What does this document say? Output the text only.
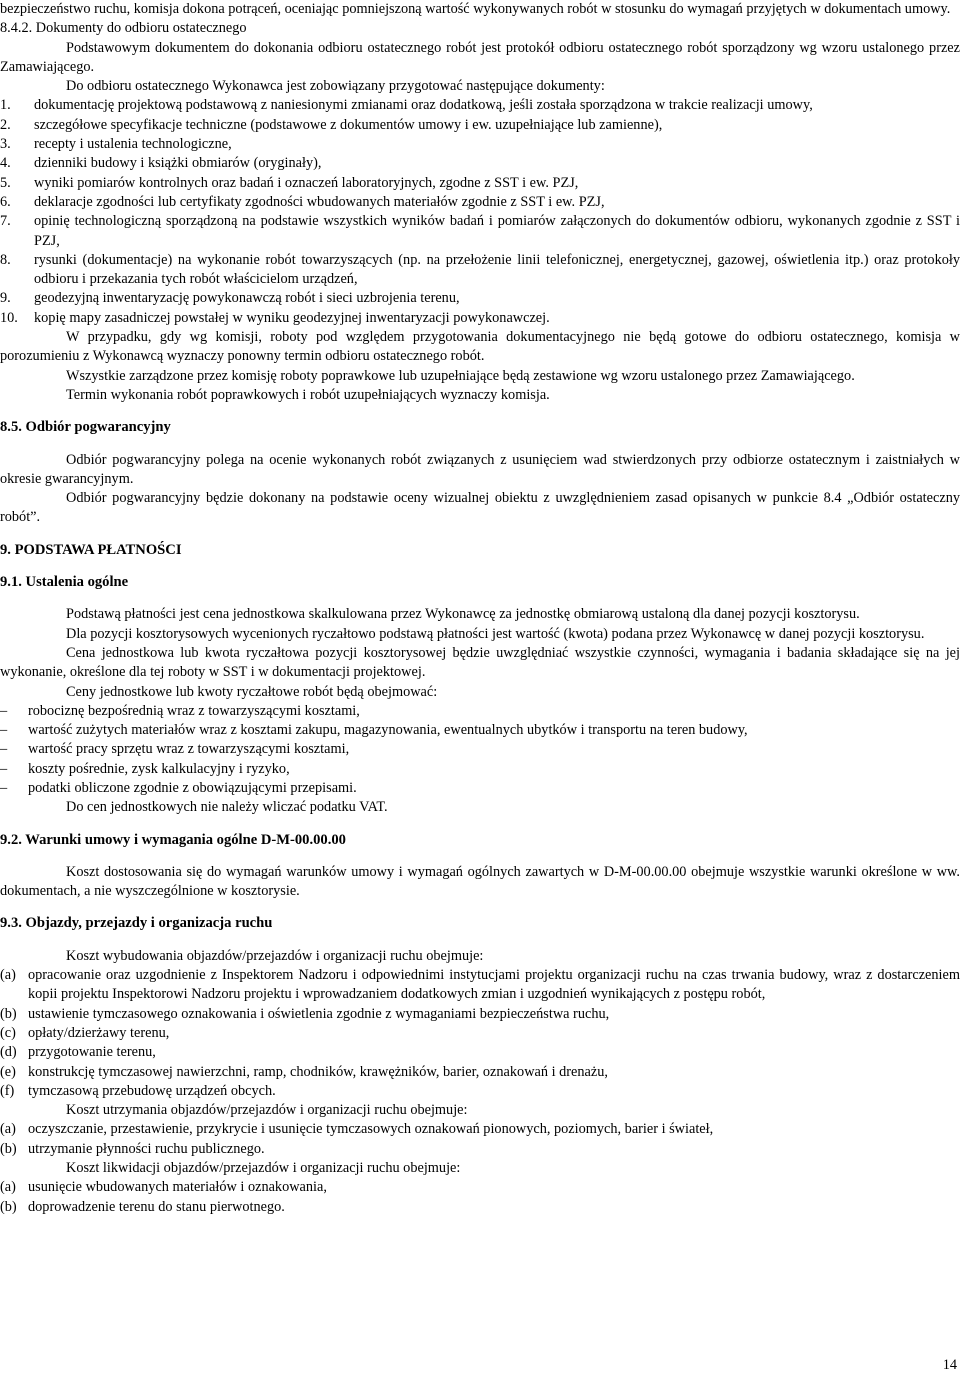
bezpieczeństwo ruchu, komisja dokona potrąceń, oceniając pomniejszoną wartość wykonywanych robót w stosunku do wymagań przyjętych w dokumentach umowy.

8.4.2. Dokumenty do odbioru ostatecznego

Podstawowym dokumentem do dokonania odbioru ostatecznego robót jest protokół odbioru ostatecznego robót sporządzony wg wzoru ustalonego przez Zamawiającego.

Do odbioru ostatecznego Wykonawca jest zobowiązany przygotować następujące dokumenty:

1.	dokumentację projektową podstawową z naniesionymi zmianami oraz dodatkową, jeśli została sporządzona w trakcie realizacji umowy,
2.	szczegółowe specyfikacje techniczne (podstawowe z dokumentów umowy i ew. uzupełniające lub zamienne),
3.	recepty i ustalenia technologiczne,
4.	dzienniki budowy i książki obmiarów (oryginały),
5.	wyniki pomiarów kontrolnych oraz badań i oznaczeń laboratoryjnych, zgodne z SST i ew. PZJ,
6.	deklaracje zgodności lub certyfikaty zgodności wbudowanych materiałów zgodnie z SST i ew. PZJ,
7.	opinię technologiczną sporządzoną na podstawie wszystkich wyników badań i pomiarów załączonych do dokumentów odbioru, wykonanych zgodnie z SST i PZJ,
8.	rysunki (dokumentacje) na wykonanie robót towarzyszących (np. na przełożenie linii telefonicznej, energetycznej, gazowej, oświetlenia itp.) oraz protokoły odbioru i przekazania tych robót właścicielom urządzeń,
9.	geodezyjną inwentaryzację powykonawczą robót i sieci uzbrojenia terenu,
10.	kopię mapy zasadniczej powstałej w wyniku geodezyjnej inwentaryzacji powykonawczej.

W przypadku, gdy wg komisji, roboty pod względem przygotowania dokumentacyjnego nie będą gotowe do odbioru ostatecznego, komisja w porozumieniu z Wykonawcą wyznaczy ponowny termin odbioru ostatecznego robót.

Wszystkie zarządzone przez komisję roboty poprawkowe lub uzupełniające będą zestawione wg wzoru ustalonego przez Zamawiającego.

Termin wykonania robót poprawkowych i robót uzupełniających wyznaczy komisja.

8.5. Odbiór pogwarancyjny

Odbiór pogwarancyjny polega na ocenie wykonanych robót związanych z usunięciem wad stwierdzonych przy odbiorze ostatecznym i zaistniałych w okresie gwarancyjnym.

Odbiór pogwarancyjny będzie dokonany na podstawie oceny wizualnej obiektu z uwzględnieniem zasad opisanych w punkcie 8.4 „Odbiór ostateczny robót”.

9. PODSTAWA PŁATNOŚCI

9.1. Ustalenia ogólne

Podstawą płatności jest cena jednostkowa skalkulowana przez Wykonawcę za jednostkę obmiarową ustaloną dla danej pozycji kosztorysu.

Dla pozycji kosztorysowych wycenionych ryczałtowo podstawą płatności jest wartość (kwota) podana przez Wykonawcę w danej pozycji kosztorysu.

Cena jednostkowa lub kwota ryczałtowa pozycji kosztorysowej będzie uwzględniać wszystkie czynności, wymagania i badania składające się na jej wykonanie, określone dla tej roboty w SST i w dokumentacji projektowej.

Ceny jednostkowe lub kwoty ryczałtowe robót będą obejmować:

–	robociznę bezpośrednią wraz z towarzyszącymi kosztami,
–	wartość zużytych materiałów wraz z kosztami zakupu, magazynowania, ewentualnych ubytków i transportu na teren budowy,
–	wartość pracy sprzętu wraz z towarzyszącymi kosztami,
–	koszty pośrednie, zysk kalkulacyjny i ryzyko,
–	podatki obliczone zgodnie z obowiązującymi przepisami.

Do cen jednostkowych nie należy wliczać podatku VAT.

9.2. Warunki umowy i wymagania ogólne D-M-00.00.00

Koszt dostosowania się do wymagań warunków umowy i wymagań ogólnych zawartych w D-M-00.00.00 obejmuje wszystkie warunki określone w ww. dokumentach, a nie wyszczególnione w kosztorysie.

9.3. Objazdy, przejazdy i organizacja ruchu

Koszt wybudowania objazdów/przejazdów i organizacji ruchu obejmuje:

(a) opracowanie oraz uzgodnienie z Inspektorem Nadzoru i odpowiednimi instytucjami projektu organizacji ruchu na czas trwania budowy, wraz z dostarczeniem kopii projektu Inspektorowi Nadzoru projektu i wprowadzaniem dodatkowych zmian i uzgodnień wynikających z postępu robót,
(b) ustawienie tymczasowego oznakowania i oświetlenia zgodnie z wymaganiami bezpieczeństwa ruchu,
(c) opłaty/dzierżawy terenu,
(d) przygotowanie terenu,
(e) konstrukcję tymczasowej nawierzchni, ramp, chodników, krawężników, barier, oznakowań i drenażu,
(f) tymczasową przebudowę urządzeń obcych.

Koszt utrzymania objazdów/przejazdów i organizacji ruchu obejmuje:

(a) oczyszczanie, przestawienie, przykrycie i usunięcie tymczasowych oznakowań pionowych, poziomych, barier i świateł,
(b) utrzymanie płynności ruchu publicznego.

Koszt likwidacji objazdów/przejazdów i organizacji ruchu obejmuje:

(a) usunięcie wbudowanych materiałów i oznakowania,
(b) doprowadzenie terenu do stanu pierwotnego.
14
